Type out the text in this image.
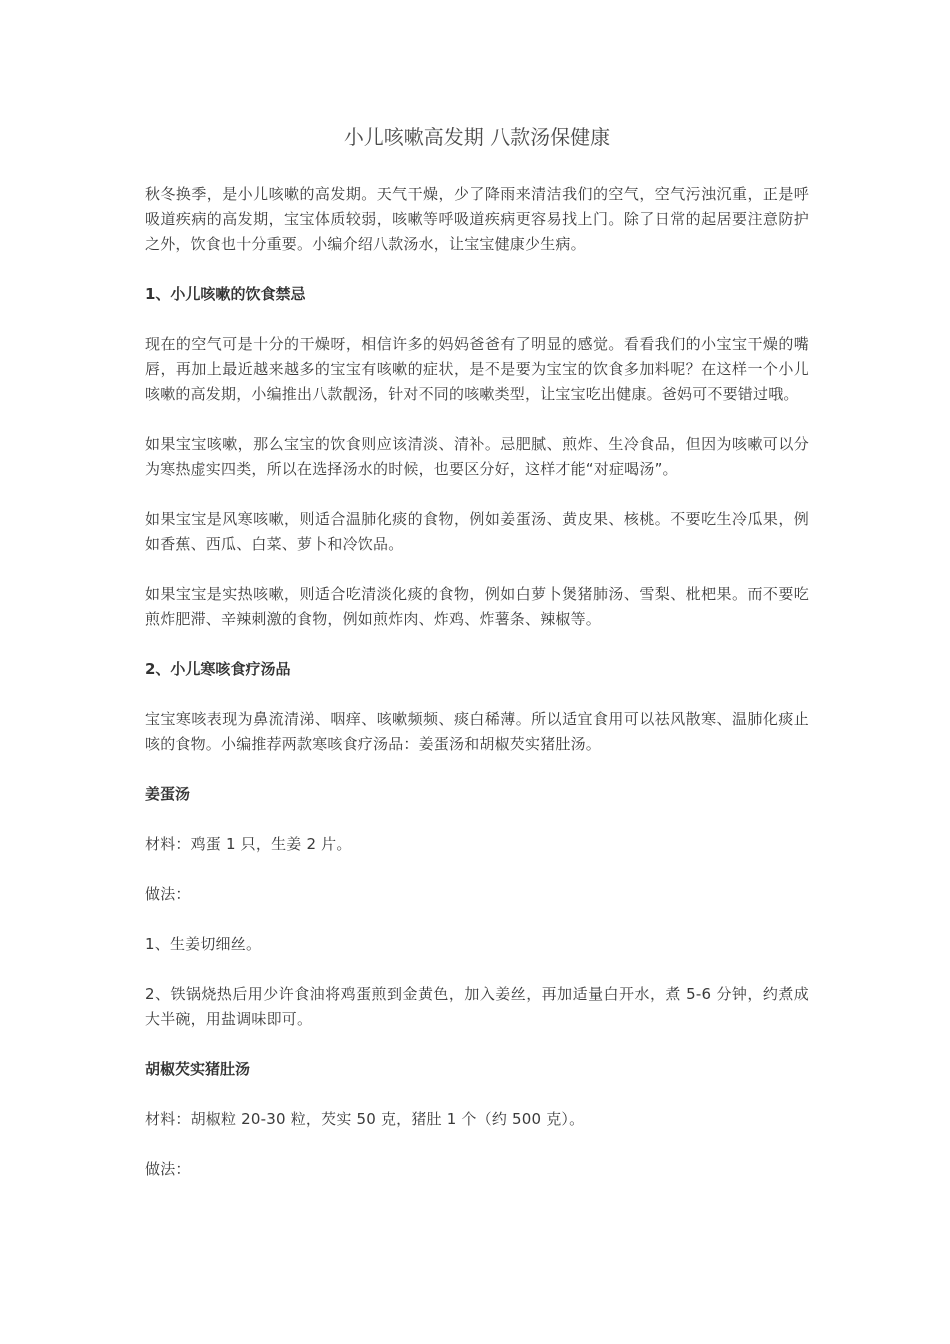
小儿咳嗽高发期 八款汤保健康

秋冬换季，是小儿咳嗽的高发期。天气干燥，少了降雨来清洁我们的空气，空气污浊沉重，正是呼吸道疾病的高发期，宝宝体质较弱，咳嗽等呼吸道疾病更容易找上门。除了日常的起居要注意防护之外，饮食也十分重要。小编介绍八款汤水，让宝宝健康少生病。

1、小儿咳嗽的饮食禁忌

现在的空气可是十分的干燥呀，相信许多的妈妈爸爸有了明显的感觉。看看我们的小宝宝干燥的嘴唇，再加上最近越来越多的宝宝有咳嗽的症状，是不是要为宝宝的饮食多加料呢？在这样一个小儿咳嗽的高发期，小编推出八款靓汤，针对不同的咳嗽类型，让宝宝吃出健康。爸妈可不要错过哦。

如果宝宝咳嗽，那么宝宝的饮食则应该清淡、清补。忌肥腻、煎炸、生冷食品，但因为咳嗽可以分为寒热虚实四类，所以在选择汤水的时候，也要区分好，这样才能“对症喝汤”。

如果宝宝是风寒咳嗽，则适合温肺化痰的食物，例如姜蛋汤、黄皮果、核桃。不要吃生冷瓜果，例如香蕉、西瓜、白菜、萝卜和冷饮品。

如果宝宝是实热咳嗽，则适合吃清淡化痰的食物，例如白萝卜煲猪肺汤、雪梨、枇杷果。而不要吃煎炸肥滞、辛辣刺激的食物，例如煎炸肉、炸鸡、炸薯条、辣椒等。

2、小儿寒咳食疗汤品

宝宝寒咳表现为鼻流清涕、咽痒、咳嗽频频、痰白稀薄。所以适宜食用可以祛风散寒、温肺化痰止咳的食物。小编推荐两款寒咳食疗汤品：姜蛋汤和胡椒芡实猪肚汤。

姜蛋汤

材料：鸡蛋 1 只，生姜 2 片。

做法：

1、生姜切细丝。

2、铁锅烧热后用少许食油将鸡蛋煎到金黄色，加入姜丝，再加适量白开水，煮 5-6 分钟，约煮成大半碗，用盐调味即可。

胡椒芡实猪肚汤

材料：胡椒粒 20-30 粒，芡实 50 克，猪肚 1 个（约 500 克）。

做法：
